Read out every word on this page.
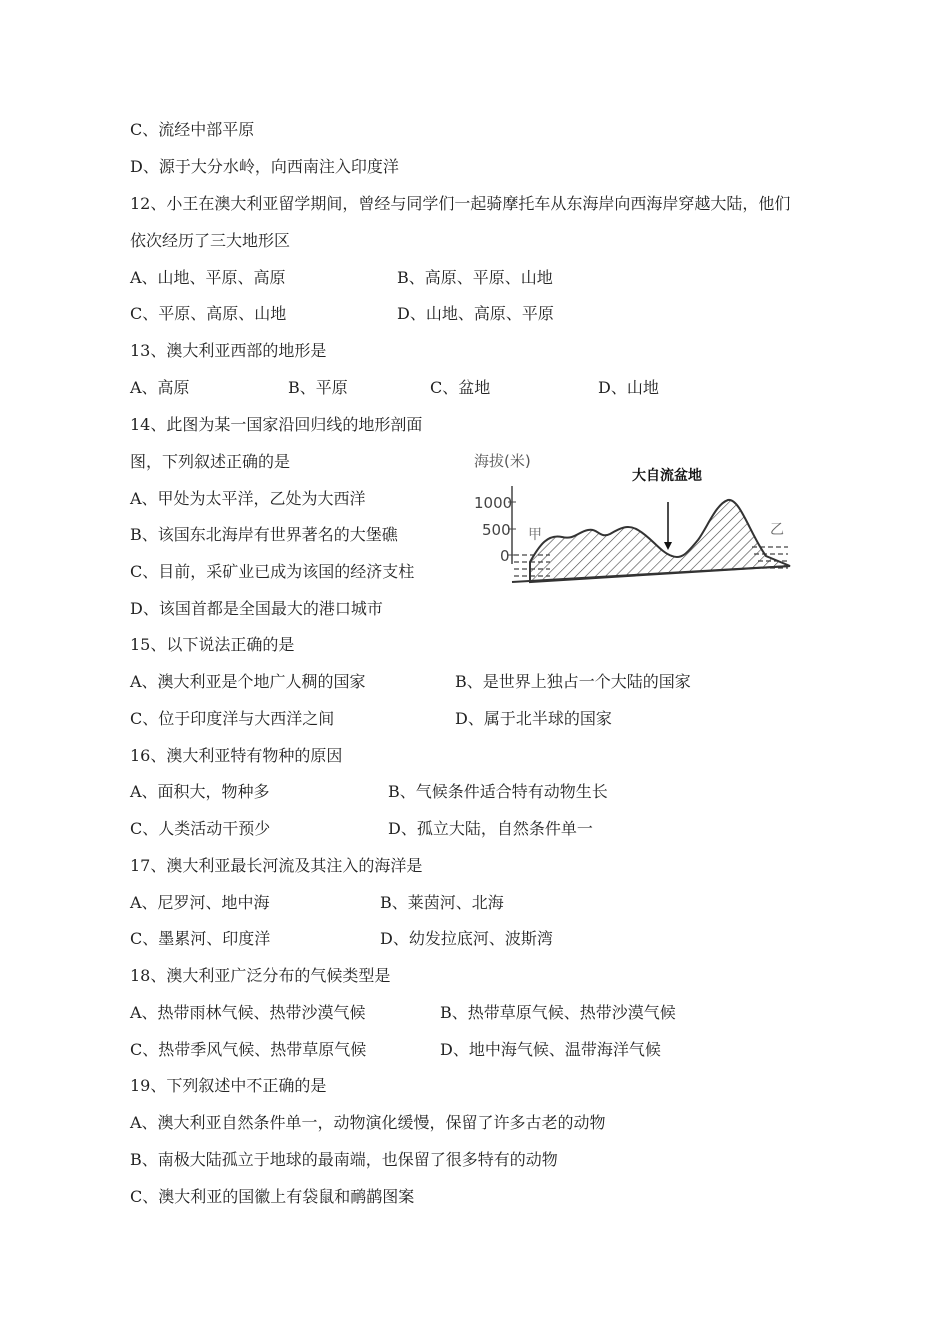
C、流经中部平原
D、源于大分水岭，向西南注入印度洋
12、小王在澳大利亚留学期间，曾经与同学们一起骑摩托车从东海岸向西海岸穿越大陆，他们
依次经历了三大地形区
A、山地、平原、高原	B、高原、平原、山地
C、平原、高原、山地	D、山地、高原、平原
13、澳大利亚西部的地形是
A、高原	B、平原	C、盆地	D、山地
14、此图为某一国家沿回归线的地形剖面
图，下列叙述正确的是
A、甲处为太平洋，乙处为大西洋
B、该国东北海岸有世界著名的大堡礁
C、目前，采矿业已成为该国的经济支柱
D、该国首都是全国最大的港口城市
海拔(米)
1000
500
0
甲	乙
大自流盆地
15、以下说法正确的是
A、澳大利亚是个地广人稠的国家	B、是世界上独占一个大陆的国家
C、位于印度洋与大西洋之间	D、属于北半球的国家
16、澳大利亚特有物种的原因
A、面积大，物种多	B、气候条件适合特有动物生长
C、人类活动干预少	D、孤立大陆，自然条件单一
17、澳大利亚最长河流及其注入的海洋是
A、尼罗河、地中海	B、莱茵河、北海
C、墨累河、印度洋	D、幼发拉底河、波斯湾
18、澳大利亚广泛分布的气候类型是
A、热带雨林气候、热带沙漠气候	B、热带草原气候、热带沙漠气候
C、热带季风气候、热带草原气候	D、地中海气候、温带海洋气候
19、下列叙述中不正确的是
A、澳大利亚自然条件单一，动物演化缓慢，保留了许多古老的动物
B、南极大陆孤立于地球的最南端，也保留了很多特有的动物
C、澳大利亚的国徽上有袋鼠和鸸鹋图案
